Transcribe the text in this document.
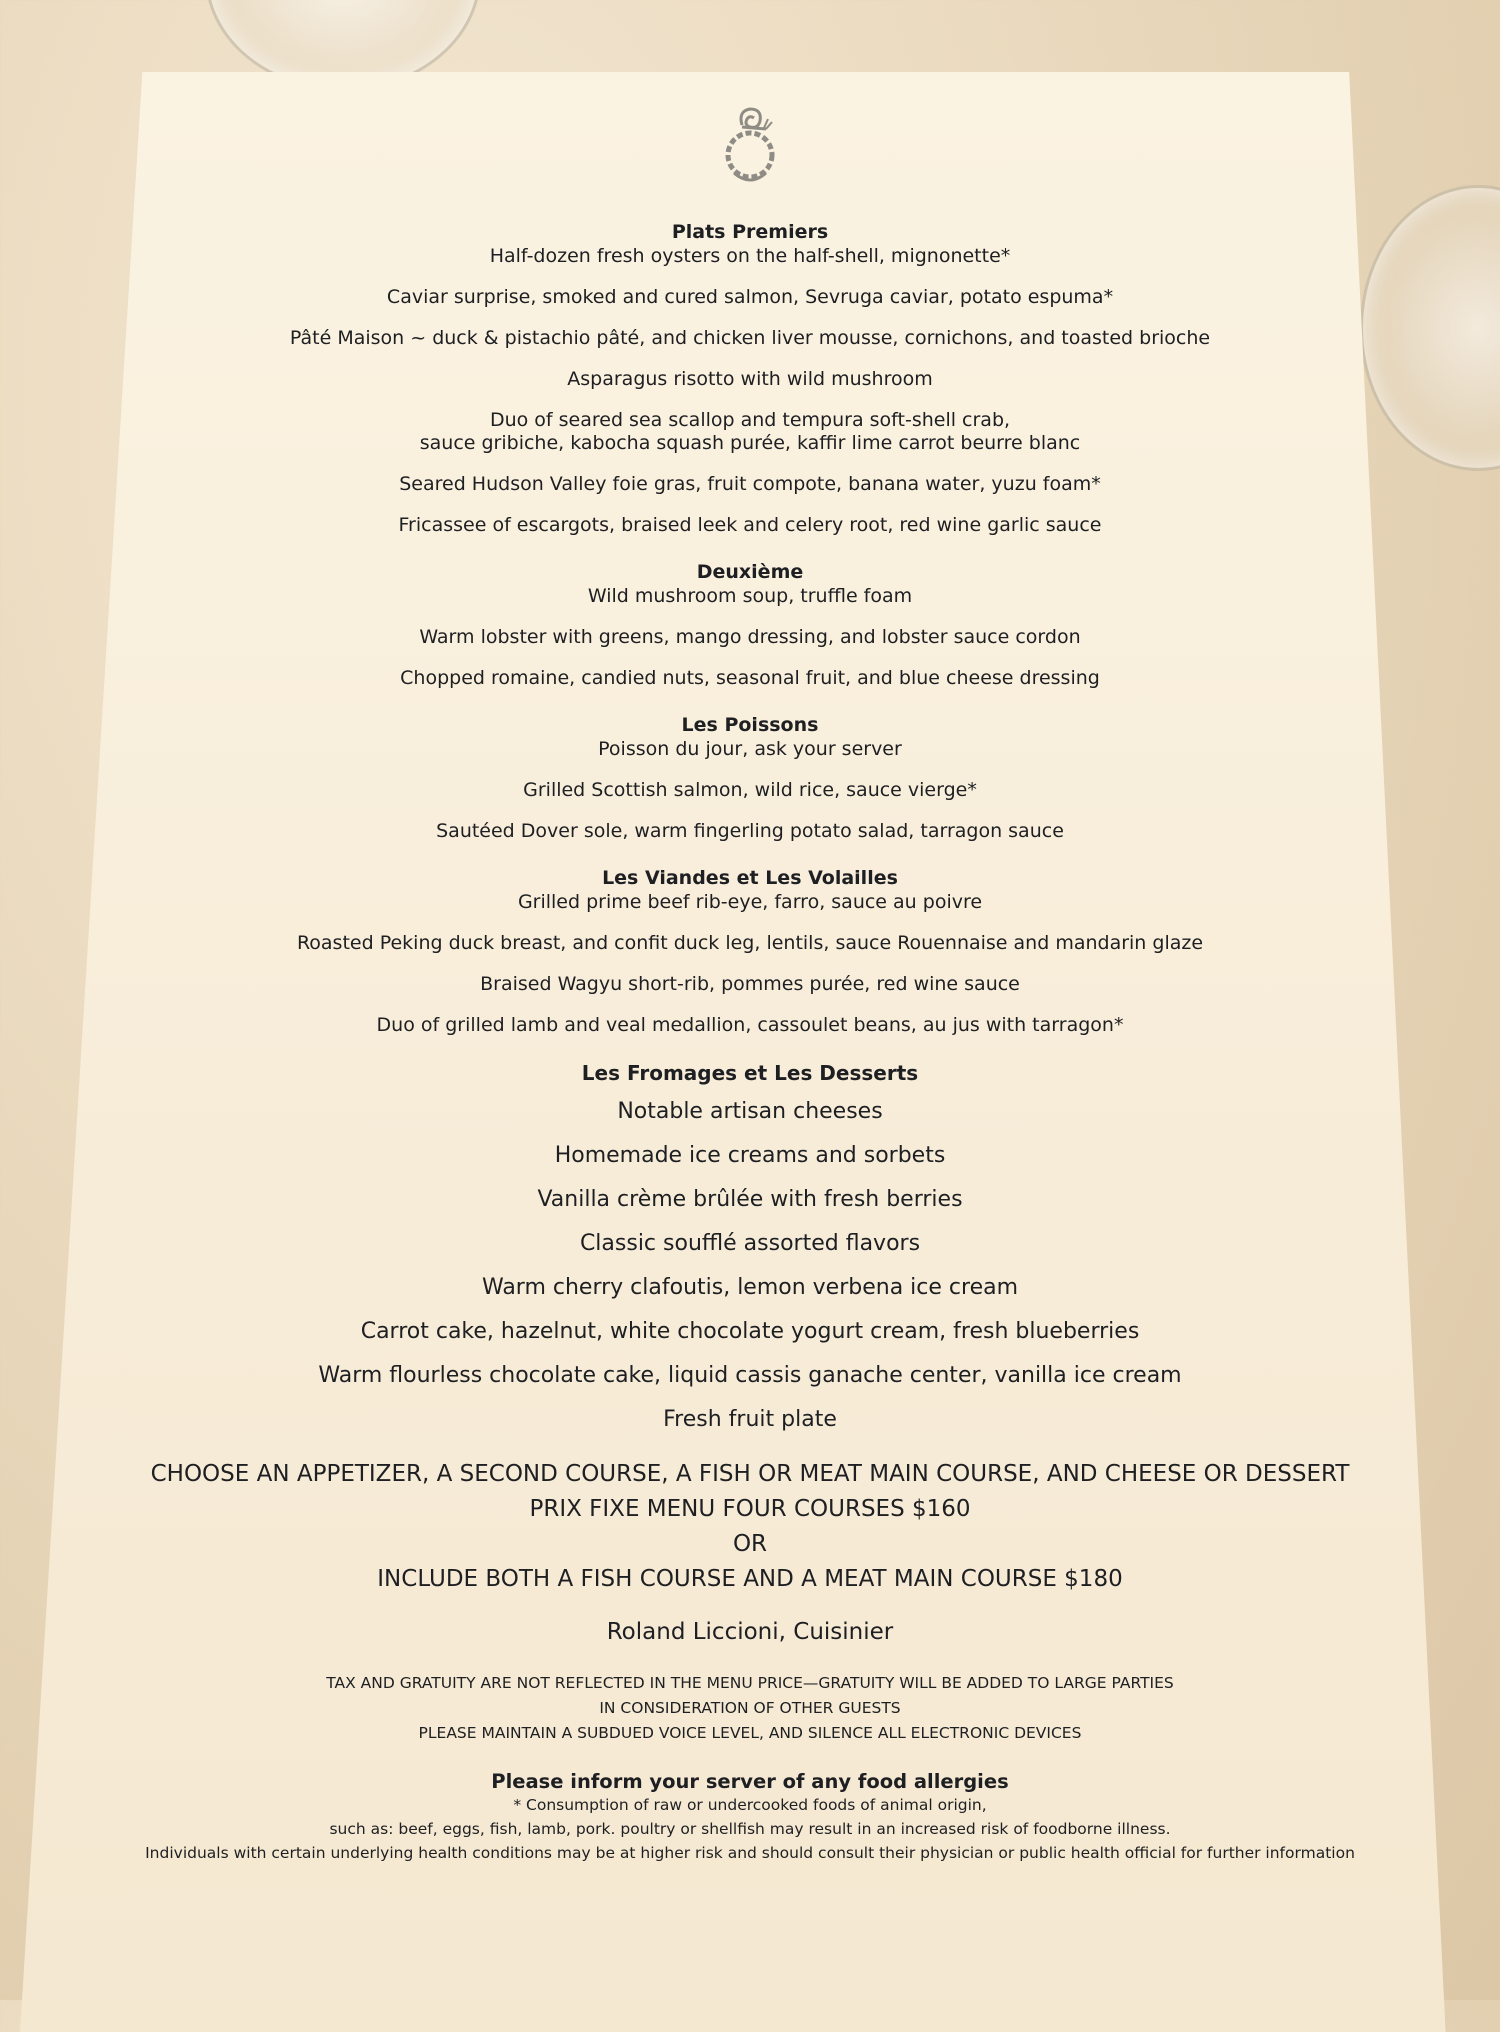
Plats Premiers
Half-dozen fresh oysters on the half-shell, mignonette*
Caviar surprise, smoked and cured salmon, Sevruga caviar, potato espuma*
Pâté Maison ~ duck & pistachio pâté, and chicken liver mousse, cornichons, and toasted brioche
Asparagus risotto with wild mushroom
Duo of seared sea scallop and tempura soft-shell crab,
sauce gribiche, kabocha squash purée, kaffir lime carrot beurre blanc
Seared Hudson Valley foie gras, fruit compote, banana water, yuzu foam*
Fricassee of escargots, braised leek and celery root, red wine garlic sauce
Deuxième
Wild mushroom soup, truffle foam
Warm lobster with greens, mango dressing, and lobster sauce cordon
Chopped romaine, candied nuts, seasonal fruit, and blue cheese dressing
Les Poissons
Poisson du jour, ask your server
Grilled Scottish salmon, wild rice, sauce vierge*
Sautéed Dover sole, warm fingerling potato salad, tarragon sauce
Les Viandes et Les Volailles
Grilled prime beef rib-eye, farro, sauce au poivre
Roasted Peking duck breast, and confit duck leg, lentils, sauce Rouennaise and mandarin glaze
Braised Wagyu short-rib, pommes purée, red wine sauce
Duo of grilled lamb and veal medallion, cassoulet beans, au jus with tarragon*
Les Fromages et Les Desserts
Notable artisan cheeses
Homemade ice creams and sorbets
Vanilla crème brûlée with fresh berries
Classic soufflé assorted flavors
Warm cherry clafoutis, lemon verbena ice cream
Carrot cake, hazelnut, white chocolate yogurt cream, fresh blueberries
Warm flourless chocolate cake, liquid cassis ganache center, vanilla ice cream
Fresh fruit plate
CHOOSE AN APPETIZER, A SECOND COURSE, A FISH OR MEAT MAIN COURSE, AND CHEESE OR DESSERT
PRIX FIXE MENU FOUR COURSES $160
OR
INCLUDE BOTH A FISH COURSE AND A MEAT MAIN COURSE $180
Roland Liccioni, Cuisinier
TAX AND GRATUITY ARE NOT REFLECTED IN THE MENU PRICE—GRATUITY WILL BE ADDED TO LARGE PARTIES
IN CONSIDERATION OF OTHER GUESTS
PLEASE MAINTAIN A SUBDUED VOICE LEVEL, AND SILENCE ALL ELECTRONIC DEVICES
Please inform your server of any food allergies
* Consumption of raw or undercooked foods of animal origin,
such as: beef, eggs, fish, lamb, pork. poultry or shellfish may result in an increased risk of foodborne illness.
Individuals with certain underlying health conditions may be at higher risk and should consult their physician or public health official for further information
